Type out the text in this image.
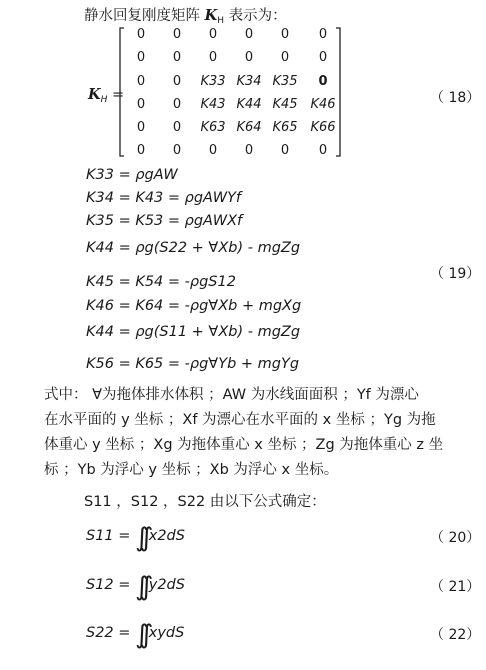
静水回复刚度矩阵 $K_H$ 表示为：
$K_H$ =
0	0	0	0	0	0
0	0	0	0	0	0
0	0	K33 K34 K35	0
0	0	K43 K44 K45 K46
0	0	K63 K64 K65 K66
0	0	0	0	0	0
（ 18）
K33 = ρgAW
K34 = K43 = ρgAWYf
K35 = K53 = ρgAWXf
K44 = ρg(S22 + ∀Xb) - mgZg
K45 = K54 = -ρgS12
K46 = K64 = -ρg∀Xb + mgXg
K44 = ρg(S11 + ∀Xb) - mgZg
K56 = K65 = -ρg∀Yb + mgYg
（ 19）
式中： ∀为拖体排水体积 ；AW 为水线面面积 ；Yf 为漂心
在水平面的 y 坐标 ；Xf 为漂心在水平面的 x 坐标 ；Yg 为拖
体重心 y 坐标 ；Xg 为拖体重心 x 坐标 ；Zg 为拖体重心 z 坐
标 ；Yb 为浮心 y 坐标 ；Xb 为浮心 x 坐标。
S11 ，S12 ，S22 由以下公式确定：
S11 = ∫∫ x2dS	（ 20）
S12 = ∫∫ y2dS	（ 21）
S22 = ∫∫ xydS	（ 22）
